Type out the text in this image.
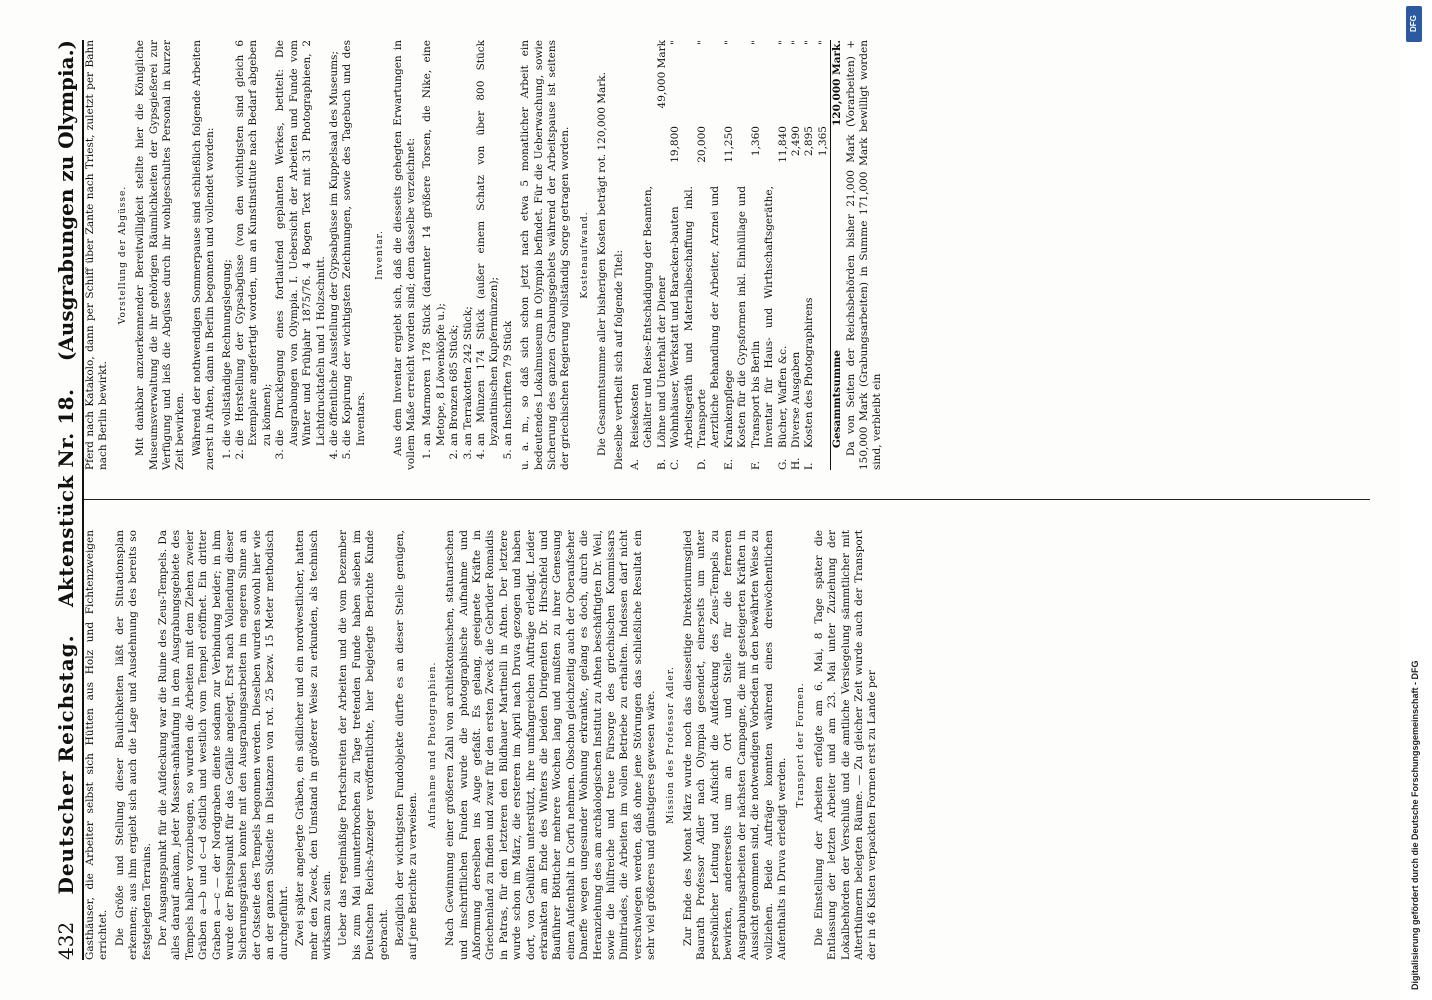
432
Deutscher Reichstag.
Aktenstück Nr. 18.
(Ausgrabungen zu Olympia.)

Gasthäuser, die Arbeiter selbst sich Hütten aus Holz und Fichtenzweigen errichtet. Die Größe und Stellung dieser Baulichkeiten läßt der Situationsplan erkennen; aus ihm ergiebt sich auch die Lage und Ausdehnung des bereits so festgelegten Terrains. Der Ausgangspunkt für die Aufdeckung war die Ruine des Zeus-Tempels. Da alles darauf ankam, jeder Massen-anhäufung in dem Ausgrabungsgebiete des Tempels halber vorzubeugen, so wurden die Arbeiten mit dem Ziehen zweier Gräben a—b und c—d östlich und westlich vom Tempel eröffnet. Ein dritter Graben a—c — der Nordgraben diente sodann zur Verbindung beider; in ihm wurde der Breitspunkt für das Gefälle angelegt. Erst nach Vollendung dieser Sicherungsgräben konnte mit den Ausgrabungsarbeiten im engeren Sinne an der Ostseite des Tempels begonnen werden. Dieselben wurden sowohl hier wie an der ganzen Südseite in Distanzen von rot. 25 bezw. 15 Meter methodisch durchgeführt. Zwei später angelegte Gräben, ein südlicher und ein nordwestlicher, hatten mehr den Zweck, den Umstand in größerer Weise zu erkunden, als technisch wirksam zu sein. Ueber das regelmäßige Fortschreiten der Arbeiten und die vom Dezember bis zum Mai ununterbrochen zu Tage tretenden Funde haben sieben im Deutschen Reichs-Anzeiger veröffentlichte, hier beigelegte Berichte Kunde gebracht. Bezüglich der wichtigsten Fundobjekte dürfte es an dieser Stelle genügen, auf jene Berichte zu verweisen.

Aufnahme und Photographien. Nach Gewinnung einer größeren Zahl von architektonischen, statuarischen und inschriftlichen Funden wurde die photographische Aufnahme und Abformung derselben ins Auge gefaßt. Es gelang, geeignete Kräfte in Griechenland zu finden und zwar für den ersten Zweck die Gebrüder Romaidis in Patras, für den letzteren den Bildhauer Martinelli in Athen. Der letztere wurde schon im März, die ersteren im April nach Druva gezogen und haben dort, von Gehülfen unterstützt, ihre umfangreichen Aufträge erledigt. Leider erkrankten am Ende des Winters die beiden Dirigenten Dr. Hirschfeld und Bauführer Bötticher mehrere Wochen lang und mußten zu ihrer Genesung einen Aufenthalt in Corfu nehmen. Obschon gleichzeitig auch der Oberaufseher Daneffe wegen ungesunder Wohnung erkrankte, gelang es doch, durch die Heranziehung des am archäologischen Institut zu Athen beschäftigten Dr. Weil, sowie die hülfreiche und treue Fürsorge des griechischen Kommissars Dimitriades, die Arbeiten im vollen Betriebe zu erhalten. Indessen darf nicht verschwiegen werden, daß ohne jene Störungen das schließliche Resultat ein sehr viel größeres und günstigeres gewesen wäre. Mission des Professor Adler. Zur Ende des Monat März wurde noch das diesseitige Direktoriumsglied Baurath Professor Adler nach Olympia gesendet, einerseits um unter persönlicher Leitung und Aufsicht die Aufdeckung des Zeus-Tempels zu bewirken, andererseits um an Ort und Stelle für die ferneren Ausgrabungsarbeiten der nächsten Campagne, die mit gesteigerten Kräften in Aussicht genommen sind, die notwendigen Vorbeden in den bewährten Weise zu vollziehen. Beide Aufträge konnten während eines dreiwöchentlichen Aufenthalts in Druva erledigt werden.

Transport der Formen. Die Einstellung der Arbeiten erfolgte am 6. Mai, 8 Tage später die Entlassung der letzten Arbeiter und am 23. Mai unter Zuziehung der Lokalbehörden der Verschluß und die amtliche Versiegelung sämmtlicher mit Alterthümern belegten Räume. — Zu gleicher Zeit wurde auch der Transport der in 46 Kisten verpackten Formen erst zu Lande per

Pferd nach Katakolo, dann per Schiff über Zante nach Triest, zuletzt per Bahn nach Berlin bewirkt.

Vorstellung der Abgüsse. Mit dankbar anzuerkennender Bereitwilligkeit stellte hier die Königliche Museumsverwaltung die ihr gehörigen Räumlichkeiten der Gypsgießerei zur Verfügung und ließ die Abgüsse durch ihr wohlgeschultes Personal in kurzer Zeit bewirken. Während der nothwendigen Sommerpause sind schließlich folgende Arbeiten zuerst in Athen, dann in Berlin begonnen und vollendet worden: 1. die vollständige Rechnungslegung; 2. die Herstellung der Gypsabgüsse (von den wichtigsten sind gleich 6 Exemplare angefertigt worden, um an Kunstinstitute nach Bedarf abgeben zu können); 3. die Drucklegung eines fortlaufend geplanten Werkes, betitelt: Die Ausgrabungen von Olympia. I. Uebersicht der Arbeiten und Funde vom Winter und Frühjahr 1875/76. 4 Bogen Text mit 31 Photographieen, 2 Lichtdrucktafeln und 1 Holzschnitt. 4. die öffentliche Ausstellung der Gypsabgüsse im Kuppelsaal des Museums; 5. die Kopirung der wichtigsten Zeichnungen, sowie des Tagebuch und des Inventars.
Inventar. Aus dem Inventar ergiebt sich, daß die diesseits gehegten Erwartungen in vollem Maße erreicht worden sind; dem dasselbe verzeichnet: 1. an Marmoren 178 Stück (darunter 14 größere Torsen, die Nike, eine Metope, 8 Löwenköpfe u.); 2. an Bronzen 685 Stück; 3. an Terrakotten 242 Stück; 4. an Münzen 174 Stück (außer einem Schatz von über 800 Stück byzantinischen Kupfermünzen); 5. an Inschriften 79 Stück u. a. m., so daß sich schon jetzt nach etwa 5 monatlicher Arbeit ein bedeutendes Lokalmuseum in Olympia befindet. Für die Ueberwachung, sowie Sicherung des ganzen Grabungsgebiets während der Arbeitspause ist seitens der griechischen Regierung vollständig Sorge getragen worden. Kostenaufwand. Die Gesammtsumme aller bisherigen Kosten beträgt rot. 120,000 Mark. Dieselbe vertheilt sich auf folgende Titel: A.	Reisekosten		
B.	Gehälter und Reise-Entschädigung der Beamten, Löhne und Unterhalt der Diener		49,000 Mark
C.	Wohnhäuser, Werkstatt und Baracken-bauten	19,800	"
D.	Arbeitsgeräth und Materialbeschaffung inkl. Transporte	20,000	"
E.	Aerztliche Behandlung der Arbeiter, Arznei und Krankenpflege	11,250	"
F.	Kosten für die Gypsformen inkl. Einhüllage und Transport bis Berlin	1,360	"
G.	Inventar für Haus- und Wirthschaftsgeräthe, Bücher, Waffen &c.	11,840	"
H.	Diverse Ausgaben	2,490	"
I.	Kosten des Photographirens	2,895	"
		1,365	"
	Gesammtsumme		120,000 Mark. Da von Seiten der Reichsbehörden bisher 21,000 Mark (Vorarbeiten) + 150,000 Mark (Grabungsarbeiten) in Summe 171,000 Mark bewilligt worden sind, verbleibt ein

Digitalisierung gefördert durch die Deutsche Forschungsgemeinschaft - DFG
DFG
